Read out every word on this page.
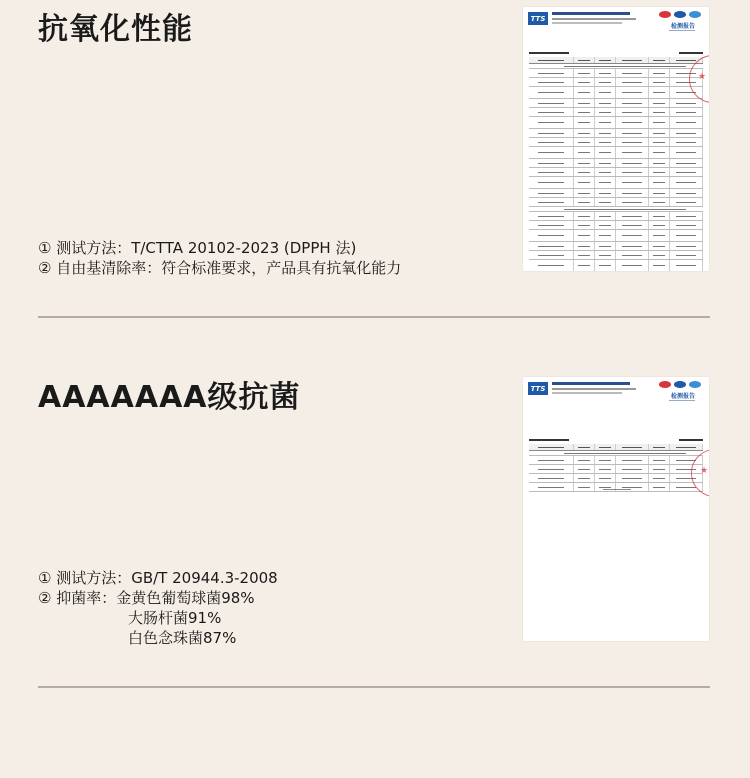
抗氧化性能	TTS
检测报告
★
① 测试方法：T/CTTA 20102-2023 (DPPH 法)
② 自由基清除率：符合标准要求，产品具有抗氧化能力
AAAAAAA级抗菌	TTS
检测报告
★
① 测试方法：GB/T 20944.3-2008
② 抑菌率：金黄色葡萄球菌98%
大肠杆菌91%
白色念珠菌87%
